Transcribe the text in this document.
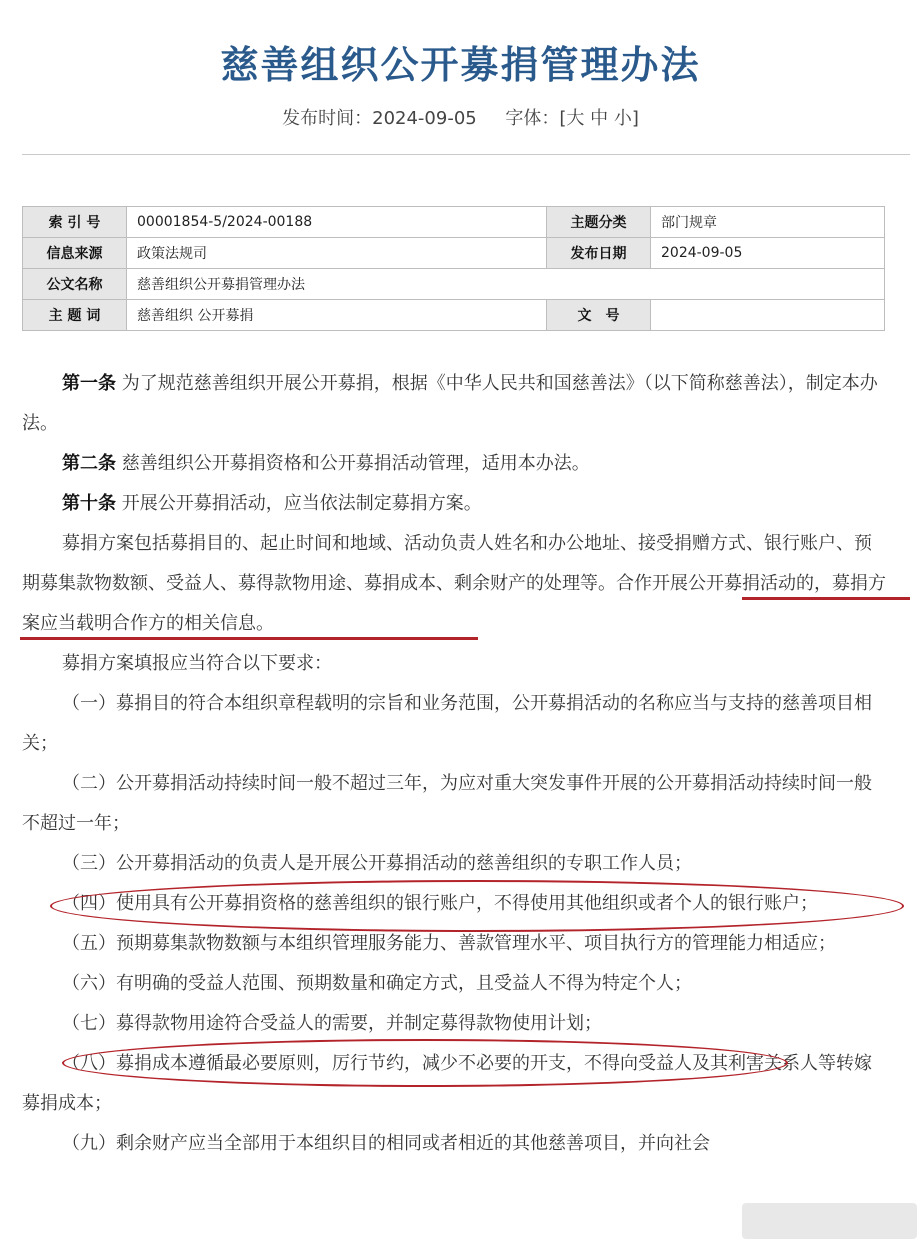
慈善组织公开募捐管理办法
发布时间：2024-09-05 字体：[大 中 小]
索 引 号	00001854-5/2024-00188	主题分类	部门规章
信息来源	政策法规司	发布日期	2024-09-05
公文名称	慈善组织公开募捐管理办法		
主 题 词	慈善组织 公开募捐	文　号	

第一条 为了规范慈善组织开展公开募捐，根据《中华人民共和国慈善法》（以下简称慈善法），制定本办法。

第二条 慈善组织公开募捐资格和公开募捐活动管理，适用本办法。

第十条 开展公开募捐活动，应当依法制定募捐方案。

募捐方案包括募捐目的、起止时间和地域、活动负责人姓名和办公地址、接受捐赠方式、银行账户、预期募集款物数额、受益人、募得款物用途、募捐成本、剩余财产的处理等。合作开展公开募捐活动的，募捐方案应当载明合作方的相关信息。

募捐方案填报应当符合以下要求：

（一）募捐目的符合本组织章程载明的宗旨和业务范围，公开募捐活动的名称应当与支持的慈善项目相关；

（二）公开募捐活动持续时间一般不超过三年，为应对重大突发事件开展的公开募捐活动持续时间一般不超过一年；

（三）公开募捐活动的负责人是开展公开募捐活动的慈善组织的专职工作人员；

（四）使用具有公开募捐资格的慈善组织的银行账户，不得使用其他组织或者个人的银行账户；

（五）预期募集款物数额与本组织管理服务能力、善款管理水平、项目执行方的管理能力相适应；

（六）有明确的受益人范围、预期数量和确定方式，且受益人不得为特定个人；

（七）募得款物用途符合受益人的需要，并制定募得款物使用计划；

（八）募捐成本遵循最必要原则，厉行节约，减少不必要的开支，不得向受益人及其利害关系人等转嫁募捐成本；

（九）剩余财产应当全部用于本组织目的相同或者相近的其他慈善项目，并向社会
